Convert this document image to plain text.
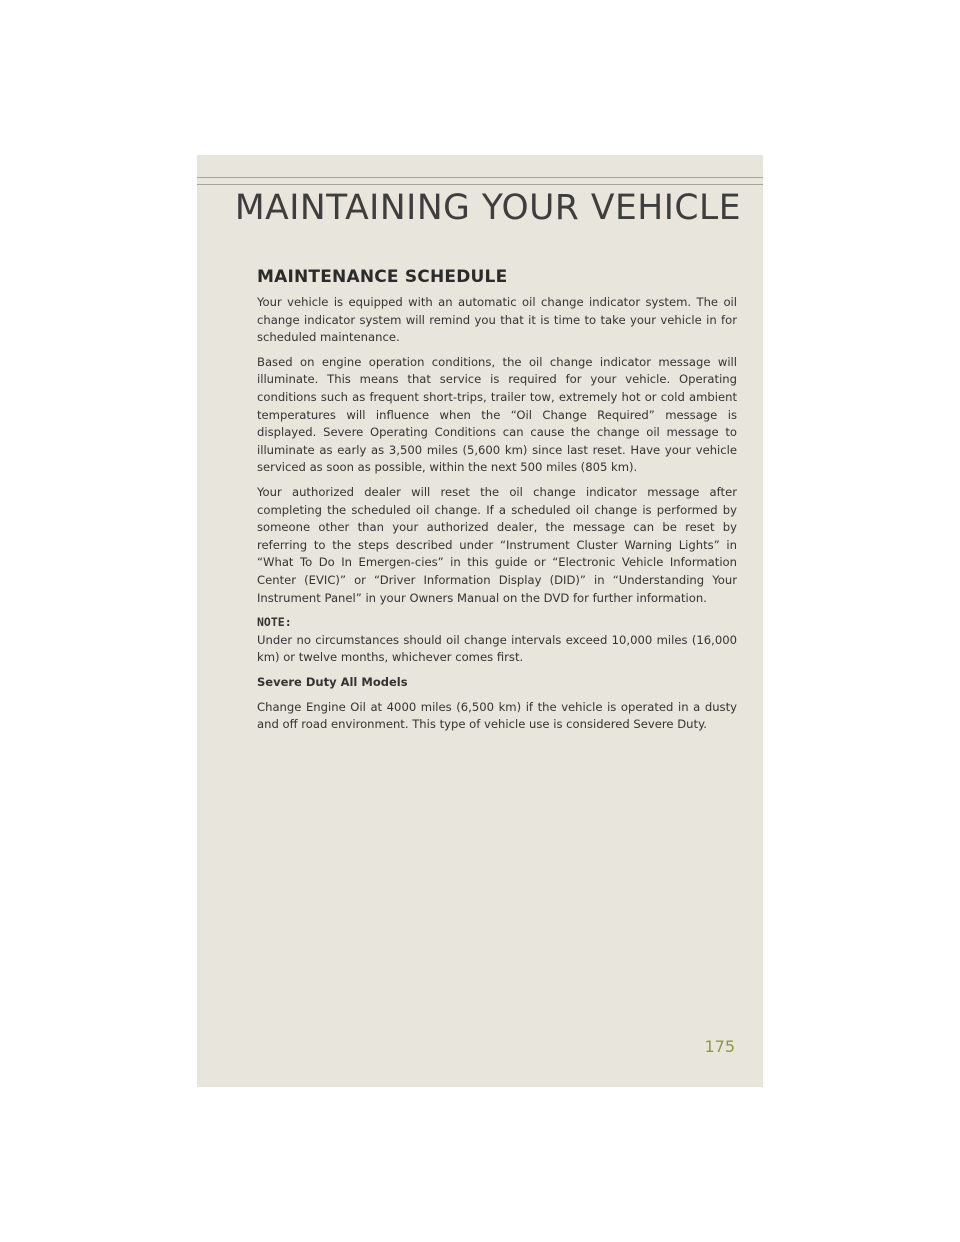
MAINTAINING YOUR VEHICLE
MAINTENANCE SCHEDULE

Your vehicle is equipped with an automatic oil change indicator system. The oil change indicator system will remind you that it is time to take your vehicle in for scheduled maintenance.

Based on engine operation conditions, the oil change indicator message will illuminate. This means that service is required for your vehicle. Operating conditions such as frequent short-trips, trailer tow, extremely hot or cold ambient temperatures will influence when the “Oil Change Required” message is displayed. Severe Operating Conditions can cause the change oil message to illuminate as early as 3,500 miles (5,600 km) since last reset. Have your vehicle serviced as soon as possible, within the next 500 miles (805 km).

Your authorized dealer will reset the oil change indicator message after completing the scheduled oil change. If a scheduled oil change is performed by someone other than your authorized dealer, the message can be reset by referring to the steps described under “Instrument Cluster Warning Lights” in “What To Do In Emergen-cies” in this guide or “Electronic Vehicle Information Center (EVIC)” or “Driver Information Display (DID)” in “Understanding Your Instrument Panel” in your Owners Manual on the DVD for further information.

NOTE:

Under no circumstances should oil change intervals exceed 10,000 miles (16,000 km) or twelve months, whichever comes first.

Severe Duty All Models

Change Engine Oil at 4000 miles (6,500 km) if the vehicle is operated in a dusty and off road environment. This type of vehicle use is considered Severe Duty.

175
